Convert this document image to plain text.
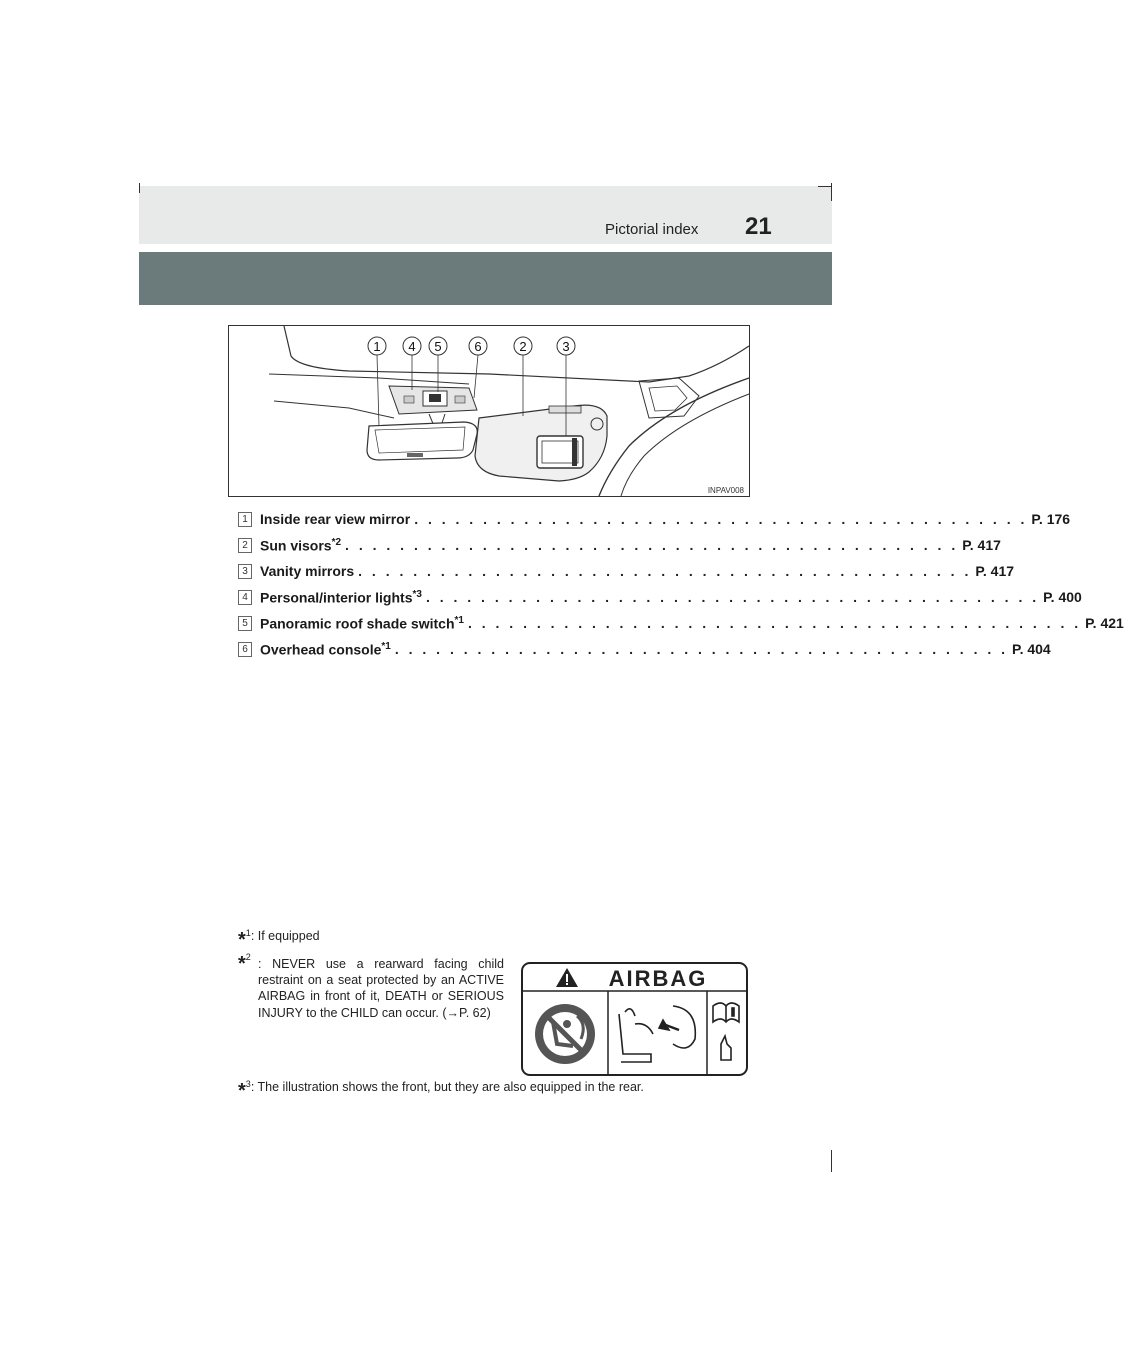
Pictorial index 21
1 4 5	6	2	3
INPAV008
1 Inside rear view mirror . . . . . . . . . . . . . . . . . . . . . . . . . . . . . . . . . . . . . . . . . . . . . P. 176
2 Sun visors$^{*2}$ . . . . . . . . . . . . . . . . . . . . . . . . . . . . . . . . . . . . . . . . . . . . . P. 417
3 Vanity mirrors . . . . . . . . . . . . . . . . . . . . . . . . . . . . . . . . . . . . . . . . . . . . . P. 417
4 Personal/interior lights$^{*3}$ . . . . . . . . . . . . . . . . . . . . . . . . . . . . . . . . . . . . . . . . . . . . . P. 400
5 Panoramic roof shade switch$^{*1}$ . . . . . . . . . . . . . . . . . . . . . . . . . . . . . . . . . . . . . . . . . . . . . P. 421
6 Overhead console$^{*1}$ . . . . . . . . . . . . . . . . . . . . . . . . . . . . . . . . . . . . . . . . . . . . . P. 404
*$^1$: If equipped
*$^2$ : NEVER use a rearward facing child restraint on a seat protected by an ACTIVE AIRBAG in front of it, DEATH or SERIOUS INJURY to the CHILD can occur. (→P. 62)
*$^3$: The illustration shows the front, but they are also equipped in the rear.
AIRBAG
